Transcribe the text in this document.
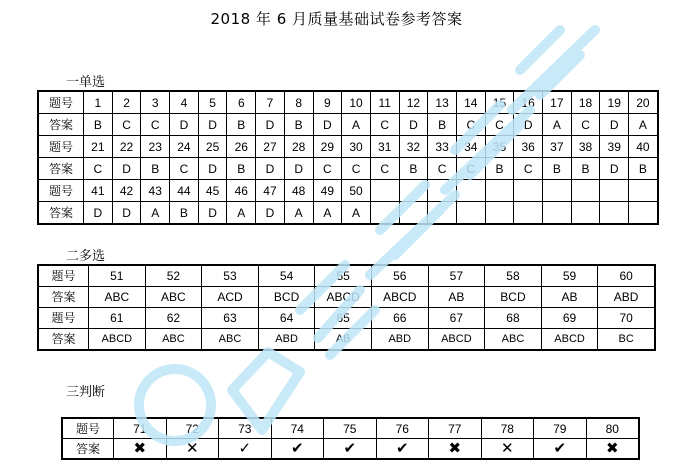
2018 年 6 月质量基础试卷参考答案
一单选
题号	1	2	3	4	5	6	7	8	9	10	11	12	13	14	15	16	17	18	19	20
答案	B	C	C	D	D	B	D	B	D	A	C	D	B	C	C	D	A	C	D	A
题号	21	22	23	24	25	26	27	28	29	30	31	32	33	34	35	36	37	38	39	40
答案	C	D	B	C	D	B	D	D	C	C	C	B	C	C	B	C	B	B	D	B
题号	41	42	43	44	45	46	47	48	49	50										
答案	D	D	A	B	D	A	D	A	A	A										
二多选
题号	51	52	53	54	55	56	57	58	59	60
答案	ABC	ABC	ACD	BCD	ABCD	ABCD	AB	BCD	AB	ABD
题号	61	62	63	64	65	66	67	68	69	70
答案	ABCD	ABC	ABC	ABD	AB	ABD	ABCD	ABC	ABCD	BC
三判断
题号	71	72	73	74	75	76	77	78	79	80
答案	✖	✕	✓	✔	✔	✔	✖	✕	✔	✖
